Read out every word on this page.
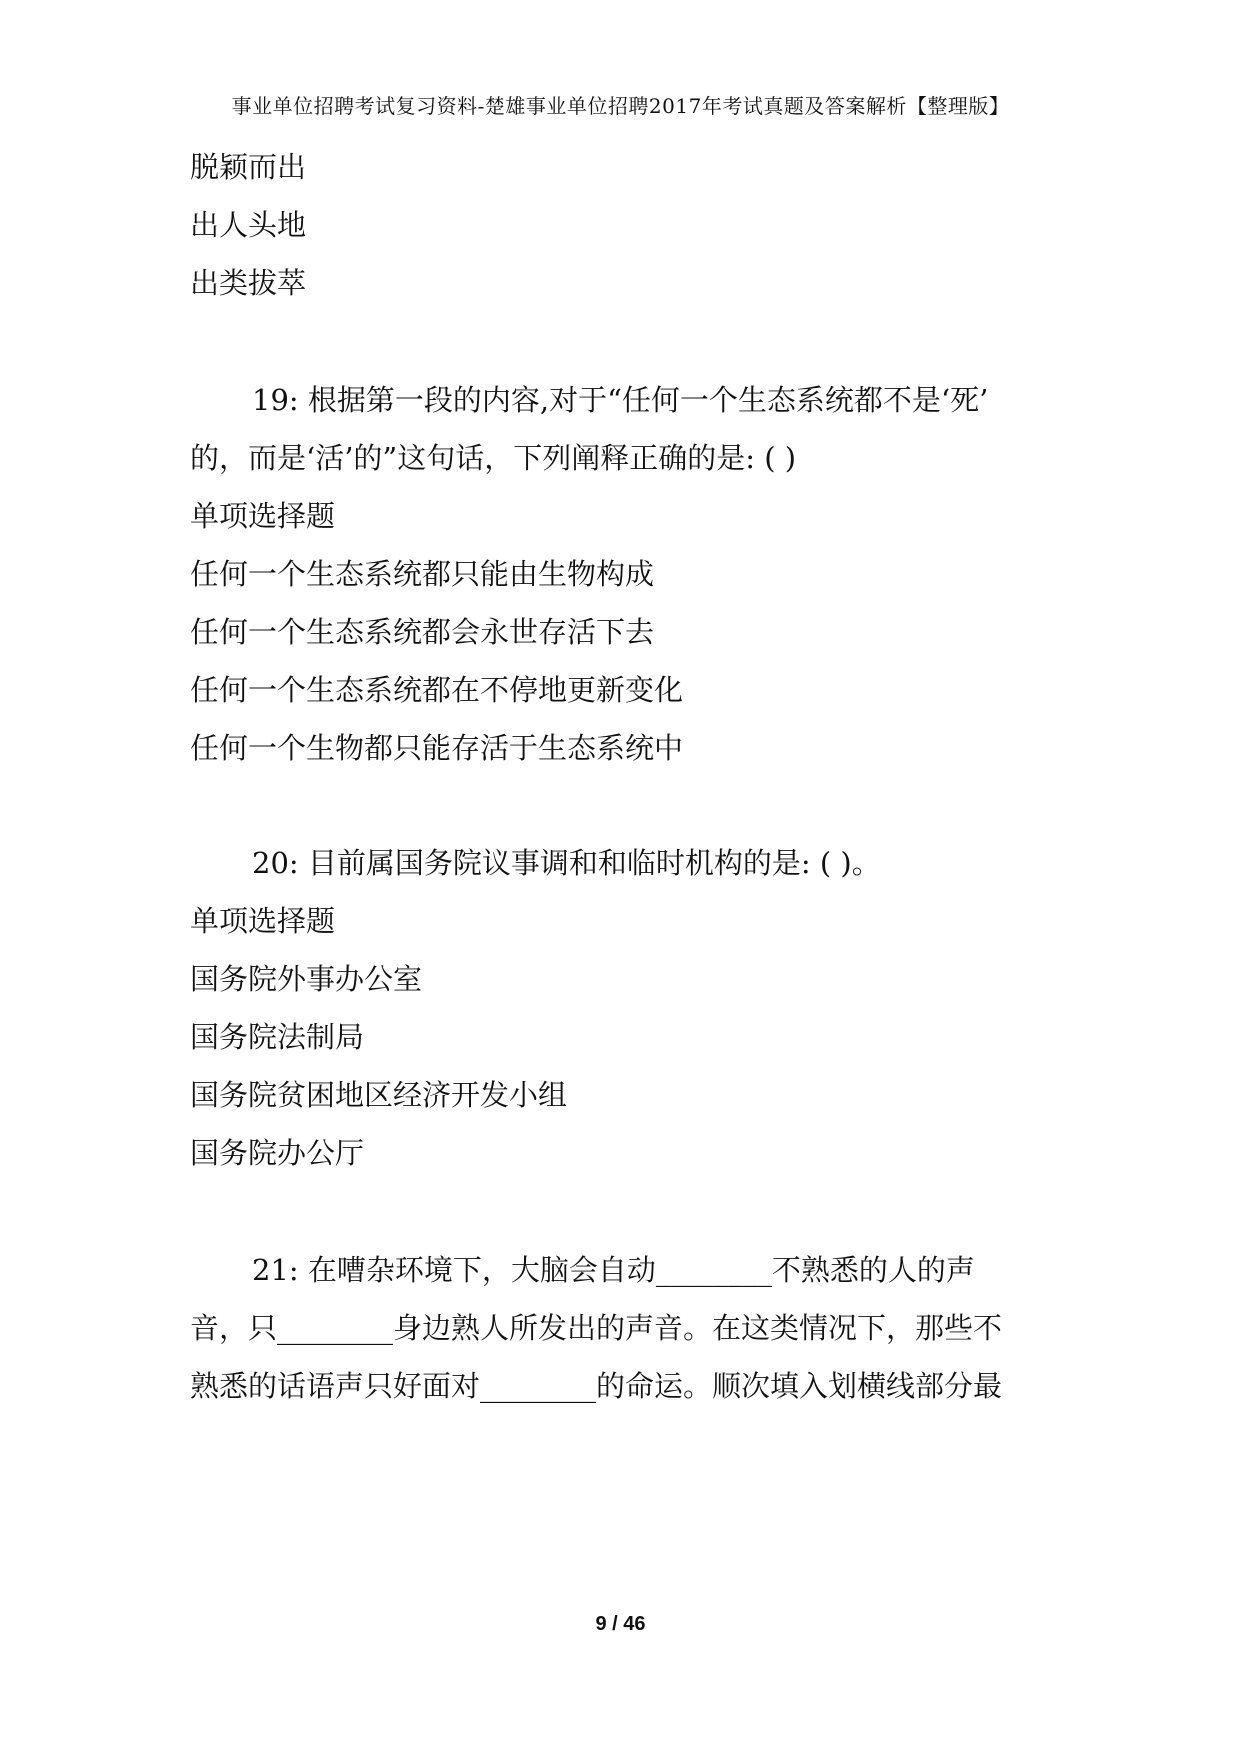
事业单位招聘考试复习资料-楚雄事业单位招聘2017年考试真题及答案解析【整理版】
脱颖而出
出人头地
出类拔萃
19: 根据第一段的内容,对于“任何一个生态系统都不是‘死’
的，而是‘活’的”这句话，下列阐释正确的是: ( )
单项选择题
任何一个生态系统都只能由生物构成
任何一个生态系统都会永世存活下去
任何一个生态系统都在不停地更新变化
任何一个生物都只能存活于生态系统中
20: 目前属国务院议事调和和临时机构的是: ( )。
单项选择题
国务院外事办公室
国务院法制局
国务院贫困地区经济开发小组
国务院办公厅
21: 在嘈杂环境下，大脑会自动________不熟悉的人的声
音，只________身边熟人所发出的声音。在这类情况下，那些不
熟悉的话语声只好面对________的命运。顺次填入划横线部分最
9 / 46
